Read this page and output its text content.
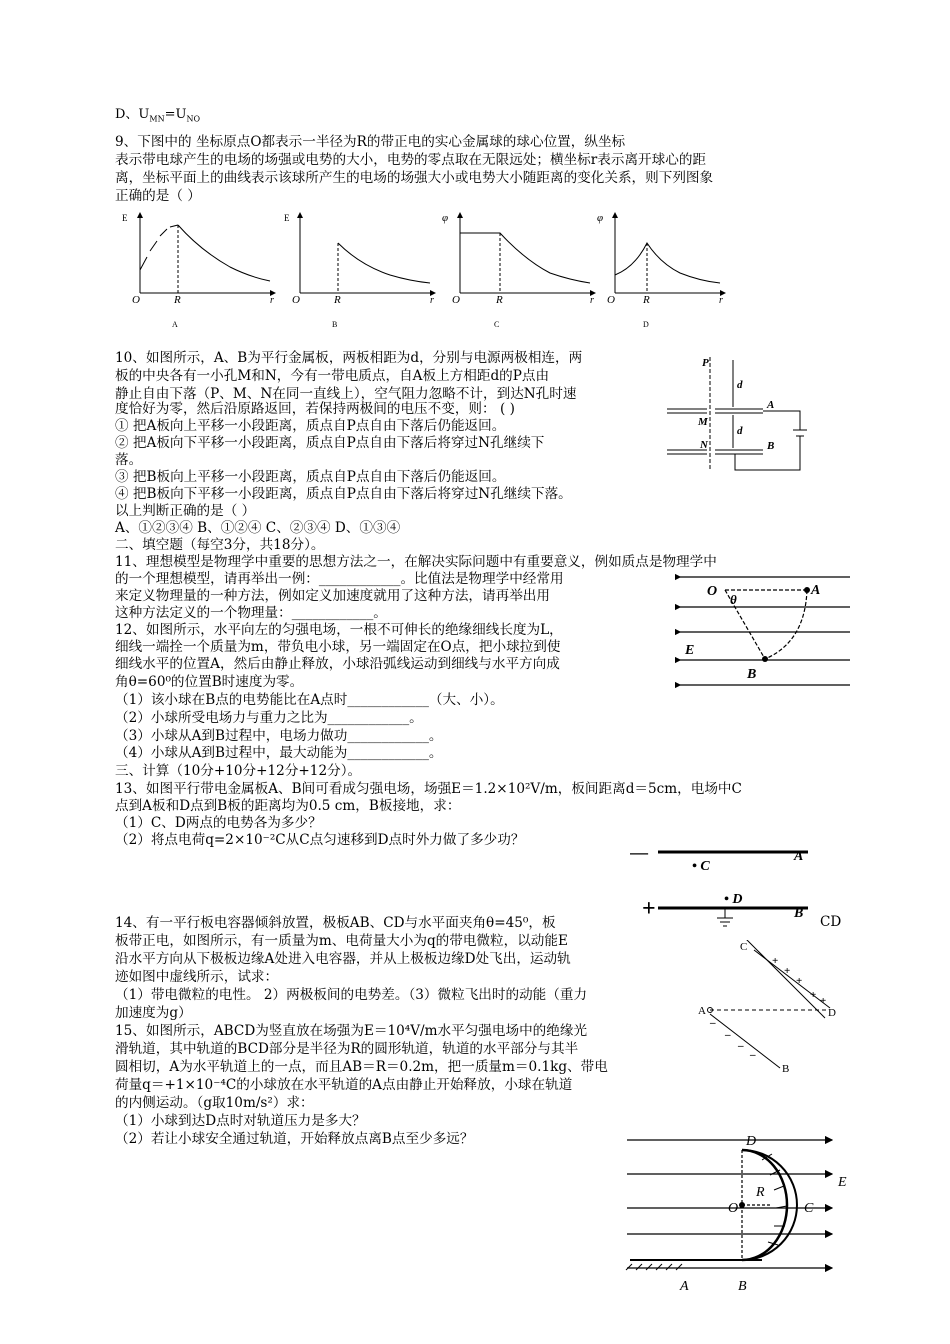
D、$U_{MN}=U_{NO}$
9、下图中的 坐标原点O都表示一半径为R的带正电的实心金属球的球心位置，纵坐标
表示带电球产生的电场的场强或电势的大小，电势的零点取在无限远处；横坐标r表示离开球心的距
离，坐标平面上的曲线表示该球所产生的电场的场强大小或电势大小随距离的变化关系，则下列图象
正确的是（ ）
E
O	R	r
A
E
O	R	r
B
φ
O	R	r
C
φ
O	R	r
D
10、如图所示，A、B为平行金属板，两板相距为d，分别与电源两极相连，两
板的中央各有一小孔M和N，今有一带电质点，自A板上方相距d的P点由
静止自由下落（P、M、N在同一直线上），空气阻力忽略不计，到达N孔时速
度恰好为零，然后沿原路返回，若保持两极间的电压不变，则： ( )
① 把A板向上平移一小段距离，质点自P点自由下落后仍能返回。
② 把A板向下平移一小段距离，质点自P点自由下落后将穿过N孔继续下
落。
③ 把B板向上平移一小段距离，质点自P点自由下落后仍能返回。
④ 把B板向下平移一小段距离，质点自P点自由下落后将穿过N孔继续下落。
以上判断正确的是（ ）
A、①②③④ B、①②④ C、②③④ D、①③④
P
M
N
A
B
d
d
二、填空题（每空3分，共18分）。
11、理想模型是物理学中重要的思想方法之一，在解决实际问题中有重要意义，例如质点是物理学中
的一个理想模型，请再举出一例：____________。比值法是物理学中经常用
来定义物理量的一种方法，例如定义加速度就用了这种方法，请再举出用
这种方法定义的一个物理量：____________。
12、如图所示，水平向左的匀强电场，一根不可伸长的绝缘细线长度为L，
细线一端拴一个质量为m，带负电小球，另一端固定在O点，把小球拉到使
细线水平的位置A，然后由静止释放，小球沿弧线运动到细线与水平方向成
角θ=60⁰的位置B时速度为零。
（1）该小球在B点的电势能比在A点时____________（大、小）。
（2）小球所受电场力与重力之比为____________。
（3）小球从A到B过程中，电场力做功____________。
（4）小球从A到B过程中，最大动能为____________。
O
θ
A
E
B
三、计算（10分+10分+12分+12分）。
13、如图平行带电金属板A、B间可看成匀强电场，场强E＝1.2×10²V/m，板间距离d＝5cm，电场中C
点到A板和D点到B板的距离均为0.5 cm，B板接地，求：
（1）C、D两点的电势各为多少？
（2）将点电荷q=2×10⁻²C从C点匀速移到D点时外力做了多少功？
—
• C
A
+	• D
B
14、有一平行板电容器倾斜放置，极板AB、CD与水平面夹角θ=45⁰，板
板带正电，如图所示，有一质量为m、电荷量大小为q的带电微粒，以动能E
沿水平方向从下极板边缘A处进入电容器，并从上极板边缘D处飞出，运动轨
迹如图中虚线所示，试求：
（1）带电微粒的电性。 2）两极板间的电势差。（3）微粒飞出时的动能（重力
加速度为g）
CD
+
+
+
+ +
–
–
–
–
C
A	D
B
15、如图所示，ABCD为竖直放在场强为E＝10⁴V/m水平匀强电场中的绝缘光
滑轨道，其中轨道的BCD部分是半径为R的圆形轨道，轨道的水平部分与其半
圆相切，A为水平轨道上的一点，而且AB＝R＝0.2m，把一质量m＝0.1kg、带电
荷量q＝+1×10⁻⁴C的小球放在水平轨道的A点由静止开始释放，小球在轨道
的内侧运动。（g取10m/s²）求：
（1）小球到达D点时对轨道压力是多大？
（2）若让小球安全通过轨道，开始释放点离B点至少多远？	D
R
O	C
E
A	B
